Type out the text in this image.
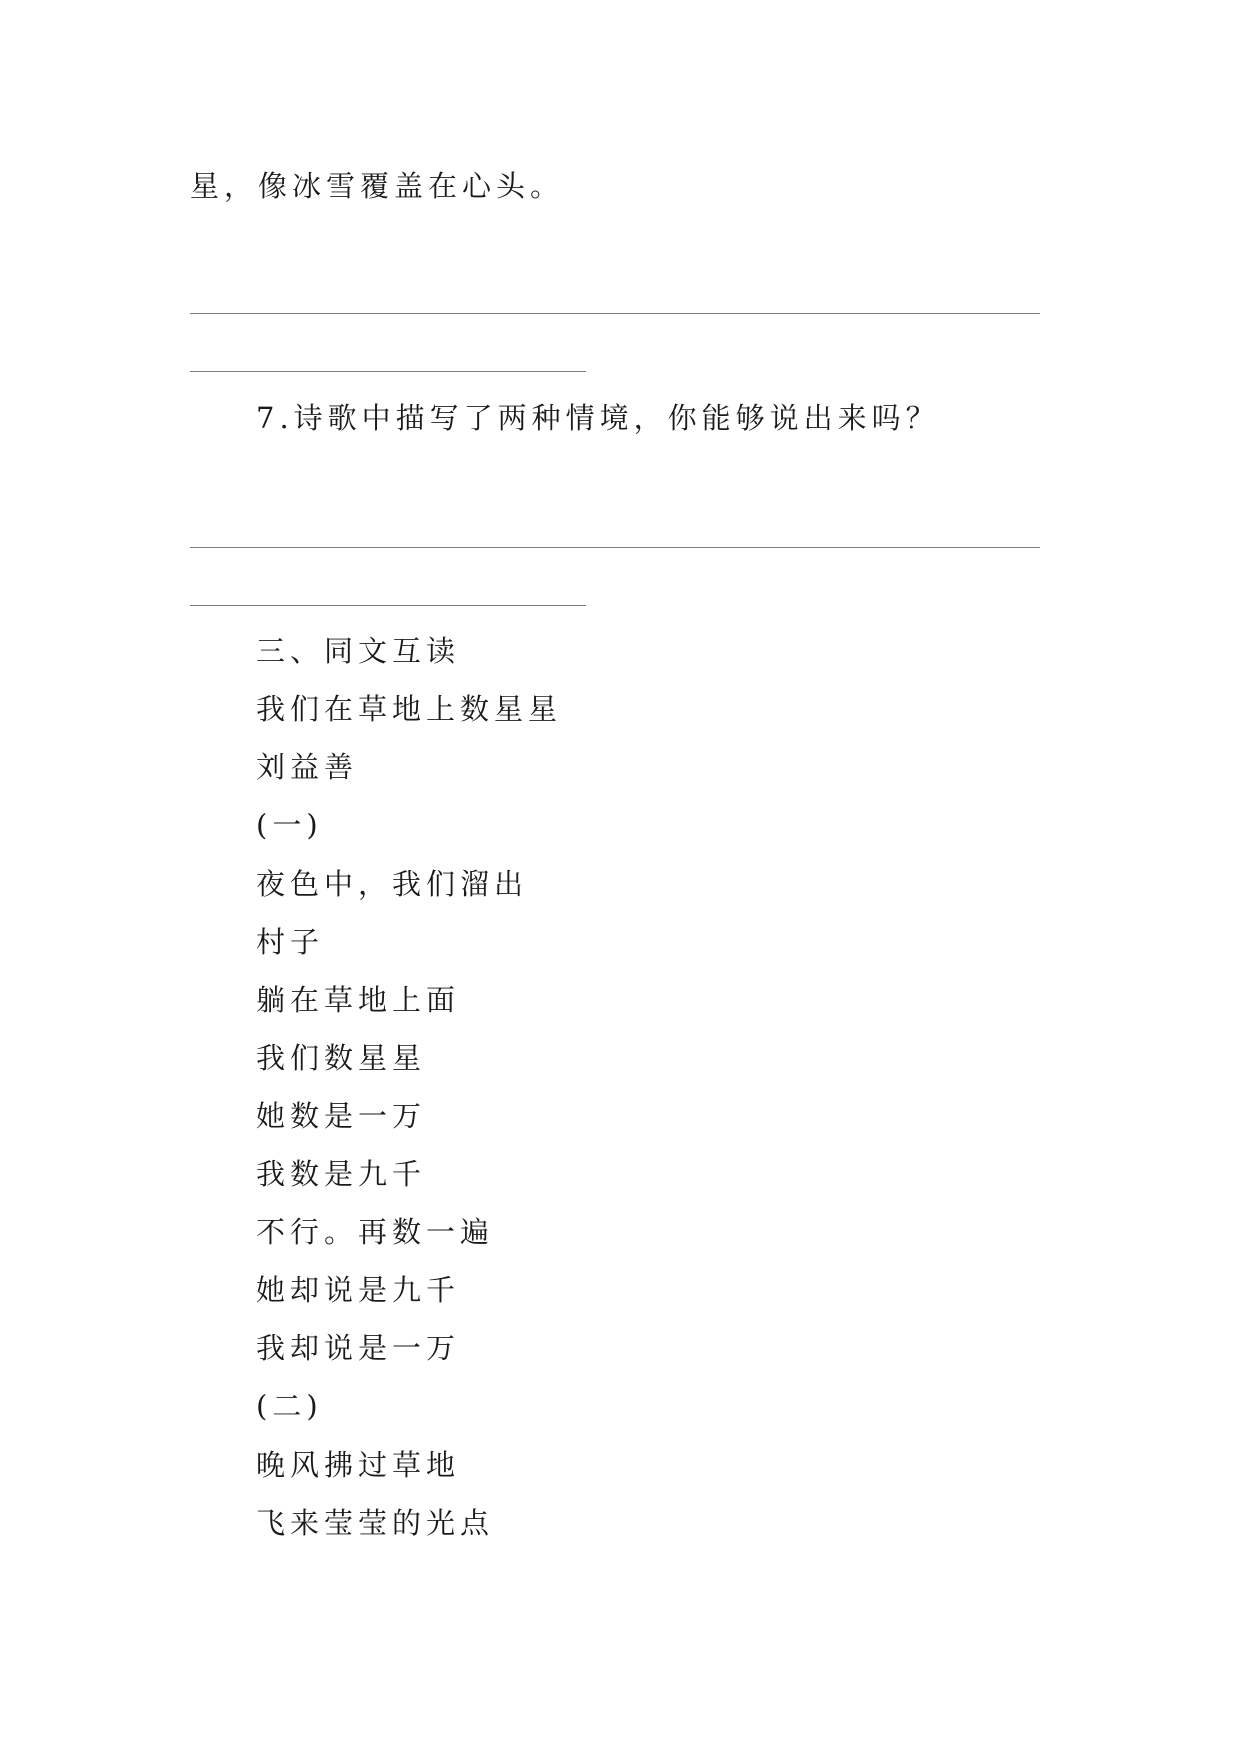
星，像冰雪覆盖在心头。
7.诗歌中描写了两种情境，你能够说出来吗？
三、同文互读
我们在草地上数星星
刘益善
(一)
夜色中，我们溜出
村子
躺在草地上面
我们数星星
她数是一万
我数是九千
不行。再数一遍
她却说是九千
我却说是一万
(二)
晚风拂过草地
飞来莹莹的光点
